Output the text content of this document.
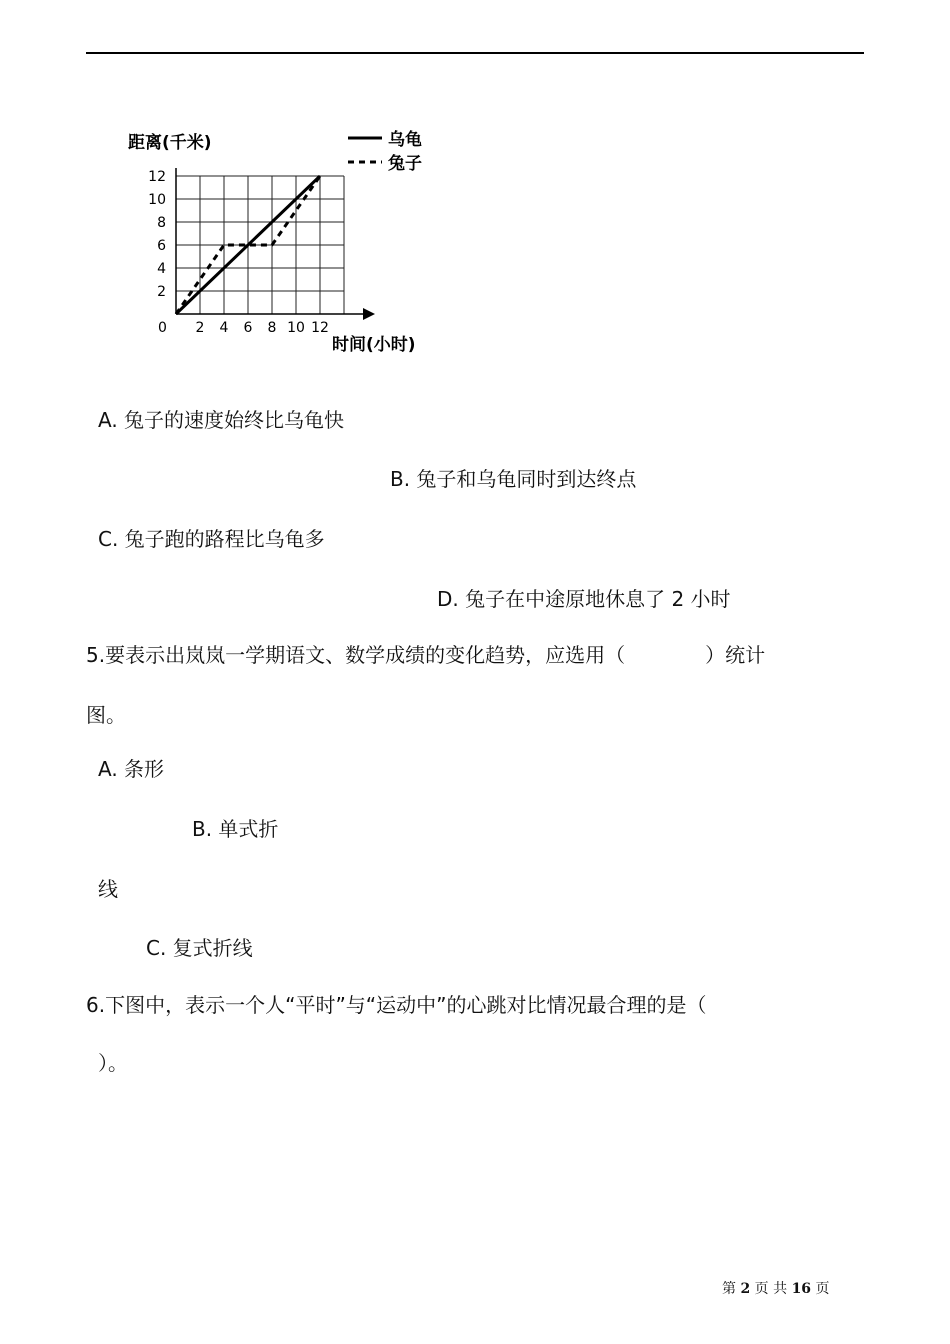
距离(千米)	乌龟
兔子
2 4 6 8 10 12
2
4
6
8
10
12
0
时间(小时)
A. 兔子的速度始终比乌龟快
B. 兔子和乌龟同时到达终点
C. 兔子跑的路程比乌龟多
D. 兔子在中途原地休息了 2 小时
5.要表示出岚岚一学期语文、数学成绩的变化趋势，应选用（　　　　）统计
图。
A. 条形
B. 单式折
线
C. 复式折线
6.下图中，表示一个人“平时”与“运动中”的心跳对比情况最合理的是（
）。
第 2 页 共 16 页
